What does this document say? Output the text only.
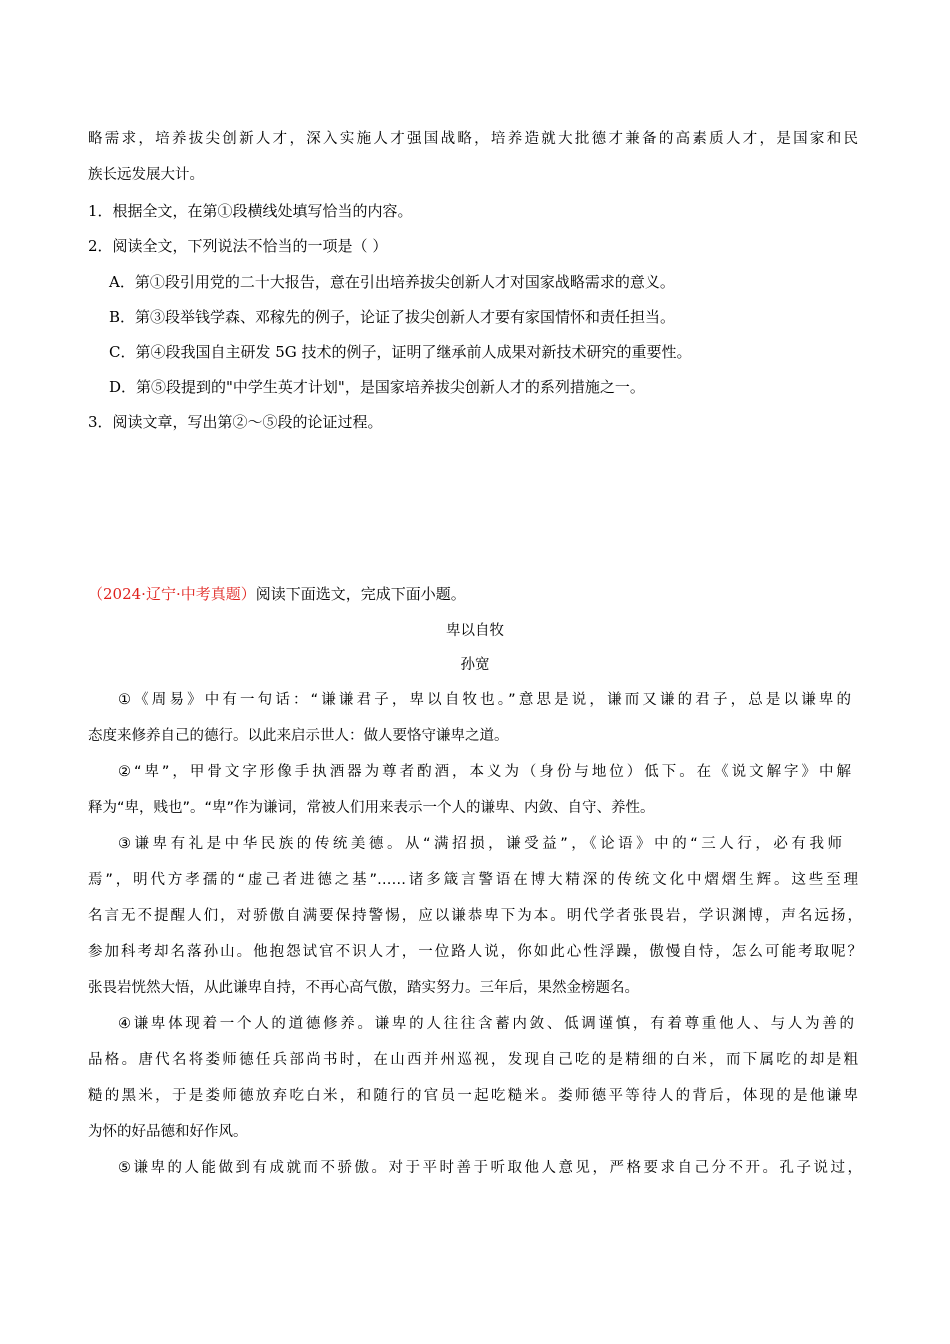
略需求，培养拔尖创新人才，深入实施人才强国战略，培养造就大批德才兼备的高素质人才，是国家和民
族长远发展大计。
1．根据全文，在第①段横线处填写恰当的内容。
2．阅读全文，下列说法不恰当的一项是（ ）
A．第①段引用党的二十大报告，意在引出培养拔尖创新人才对国家战略需求的意义。
B．第③段举钱学森、邓稼先的例子，论证了拔尖创新人才要有家国情怀和责任担当。
C．第④段我国自主研发 5G 技术的例子，证明了继承前人成果对新技术研究的重要性。
D．第⑤段提到的"中学生英才计划"，是国家培养拔尖创新人才的系列措施之一。
3．阅读文章，写出第②～⑤段的论证过程。
（2024·辽宁·中考真题）阅读下面选文，完成下面小题。
卑以自牧
孙宽
①《周易》中有一句话：“谦谦君子，卑以自牧也。”意思是说，谦而又谦的君子，总是以谦卑的
态度来修养自己的德行。以此来启示世人：做人要恪守谦卑之道。
②“卑”，甲骨文字形像手执酒器为尊者酌酒，本义为（身份与地位）低下。在《说文解字》中解
释为“卑，贱也”。“卑”作为谦词，常被人们用来表示一个人的谦卑、内敛、自守、养性。
③谦卑有礼是中华民族的传统美德。从“满招损，谦受益”，《论语》中的“三人行，必有我师
焉”，明代方孝孺的“虚己者进德之基”……诸多箴言警语在博大精深的传统文化中熠熠生辉。这些至理
名言无不提醒人们，对骄傲自满要保持警惕，应以谦恭卑下为本。明代学者张畏岩，学识渊博，声名远扬，
参加科考却名落孙山。他抱怨试官不识人才，一位路人说，你如此心性浮躁，傲慢自恃，怎么可能考取呢？
张畏岩恍然大悟，从此谦卑自持，不再心高气傲，踏实努力。三年后，果然金榜题名。
④谦卑体现着一个人的道德修养。谦卑的人往往含蓄内敛、低调谨慎，有着尊重他人、与人为善的
品格。唐代名将娄师德任兵部尚书时，在山西并州巡视，发现自己吃的是精细的白米，而下属吃的却是粗
糙的黑米，于是娄师德放弃吃白米，和随行的官员一起吃糙米。娄师德平等待人的背后，体现的是他谦卑
为怀的好品德和好作风。
⑤谦卑的人能做到有成就而不骄傲。对于平时善于听取他人意见，严格要求自己分不开。孔子说过，
